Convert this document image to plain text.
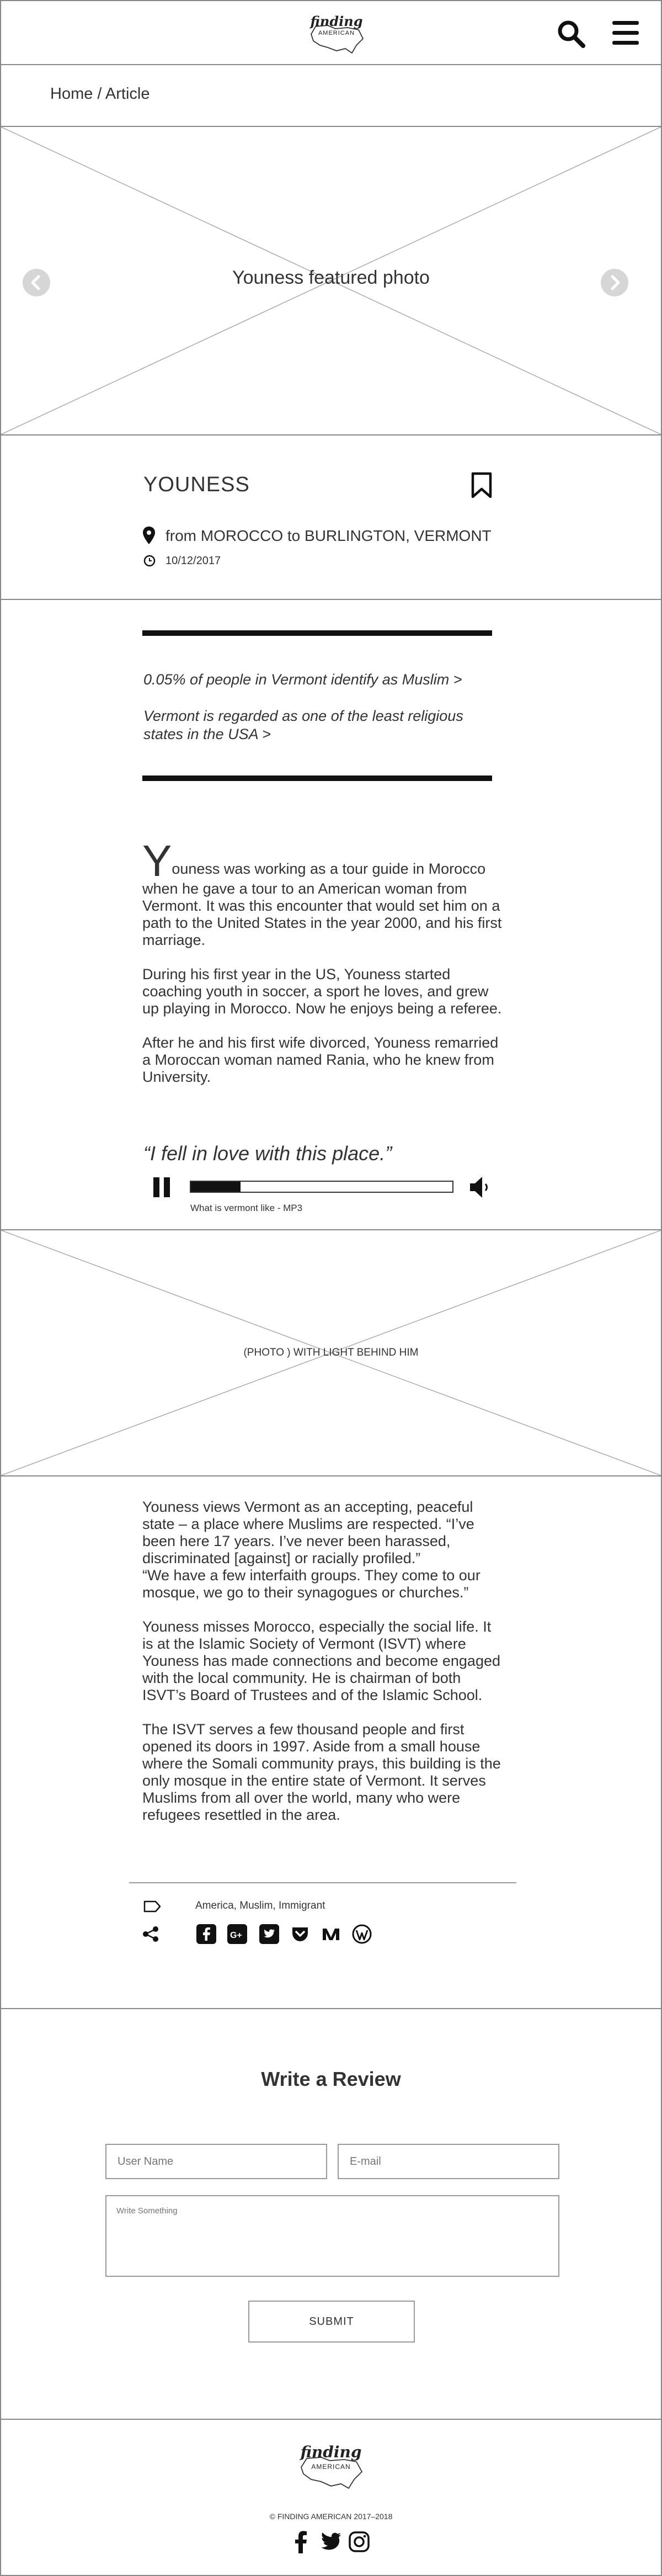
finding
AMERICAN
Home / Article
Youness featured photo
YOUNESS
from MOROCCO to BURLINGTON, VERMONT
10/12/2017
0.05% of people in Vermont identify as Muslim >
Vermont is regarded as one of the least religious states in the USA >

Youness was working as a tour guide in Morocco when he gave a tour to an American woman from Vermont. It was this encounter that would set him on a path to the United States in the year 2000, and his first marriage.

During his first year in the US, Youness started coaching youth in soccer, a sport he loves, and grew up playing in Morocco. Now he enjoys being a referee.

After he and his first wife divorced, Youness remarried a Moroccan woman named Rania, who he knew from University.

“I fell in love with this place.”
What is vermont like - MP3
(PHOTO ) WITH LIGHT BEHIND HIM

Youness views Vermont as an accepting, peaceful state – a place where Muslims are respected. “I’ve been here 17 years. I’ve never been harassed, discriminated [against] or racially profiled.”

“We have a few interfaith groups. They come to our mosque, we go to their synagogues or churches.”

Youness misses Morocco, especially the social life. It is at the Islamic Society of Vermont (ISVT) where Youness has made connections and become engaged with the local community. He is chairman of both ISVT’s Board of Trustees and of the Islamic School.

The ISVT serves a few thousand people and first opened its doors in 1997. Aside from a small house where the Somali community prays, this building is the only mosque in the entire state of Vermont. It serves Muslims from all over the world, many who were refugees resettled in the area.

America, Muslim, Immigrant
G+
Write a Review
User Name
E-mail
Write Something
SUBMIT
finding
AMERICAN
© FINDING AMERICAN 2017–2018
